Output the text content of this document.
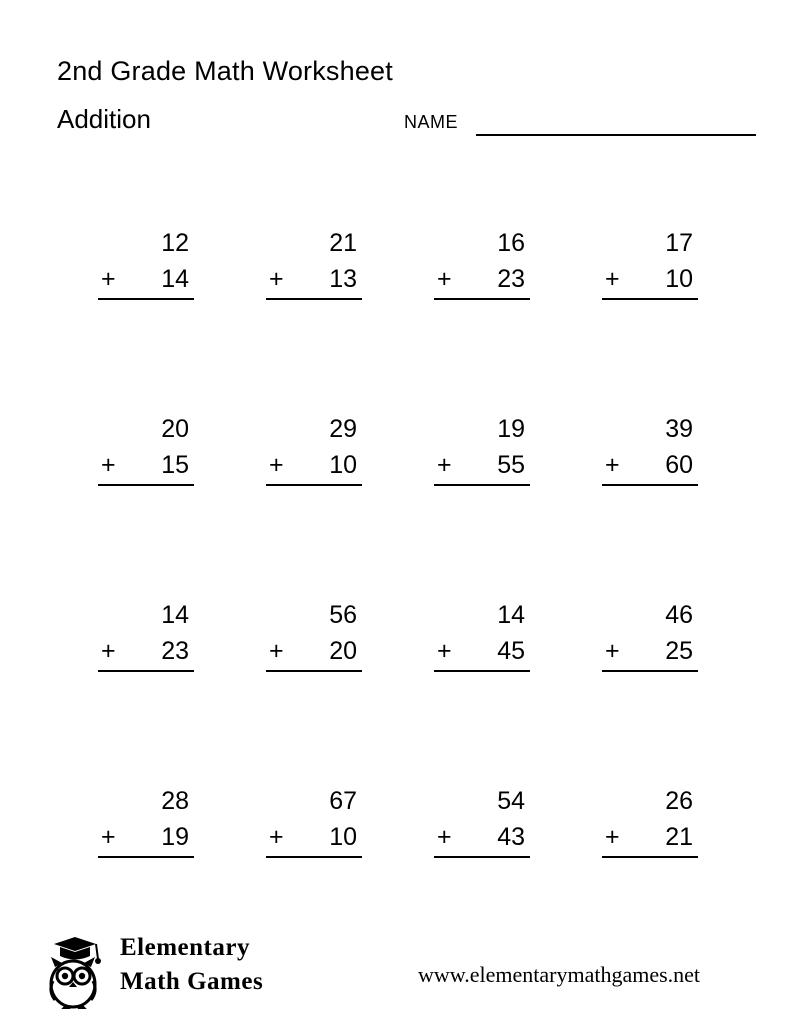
2nd Grade Math Worksheet
Addition	NAME
12
+ 14
21
+ 13
16
+ 23
17
+ 10
20
+ 15
29
+ 10
19
+ 55
39
+ 60
14
+ 23
56
+ 20
14
+ 45
46
+ 25
28
+ 19
67
+ 10
54
+ 43
26
+ 21
Elementary
Math Games	www.elementarymathgames.net
